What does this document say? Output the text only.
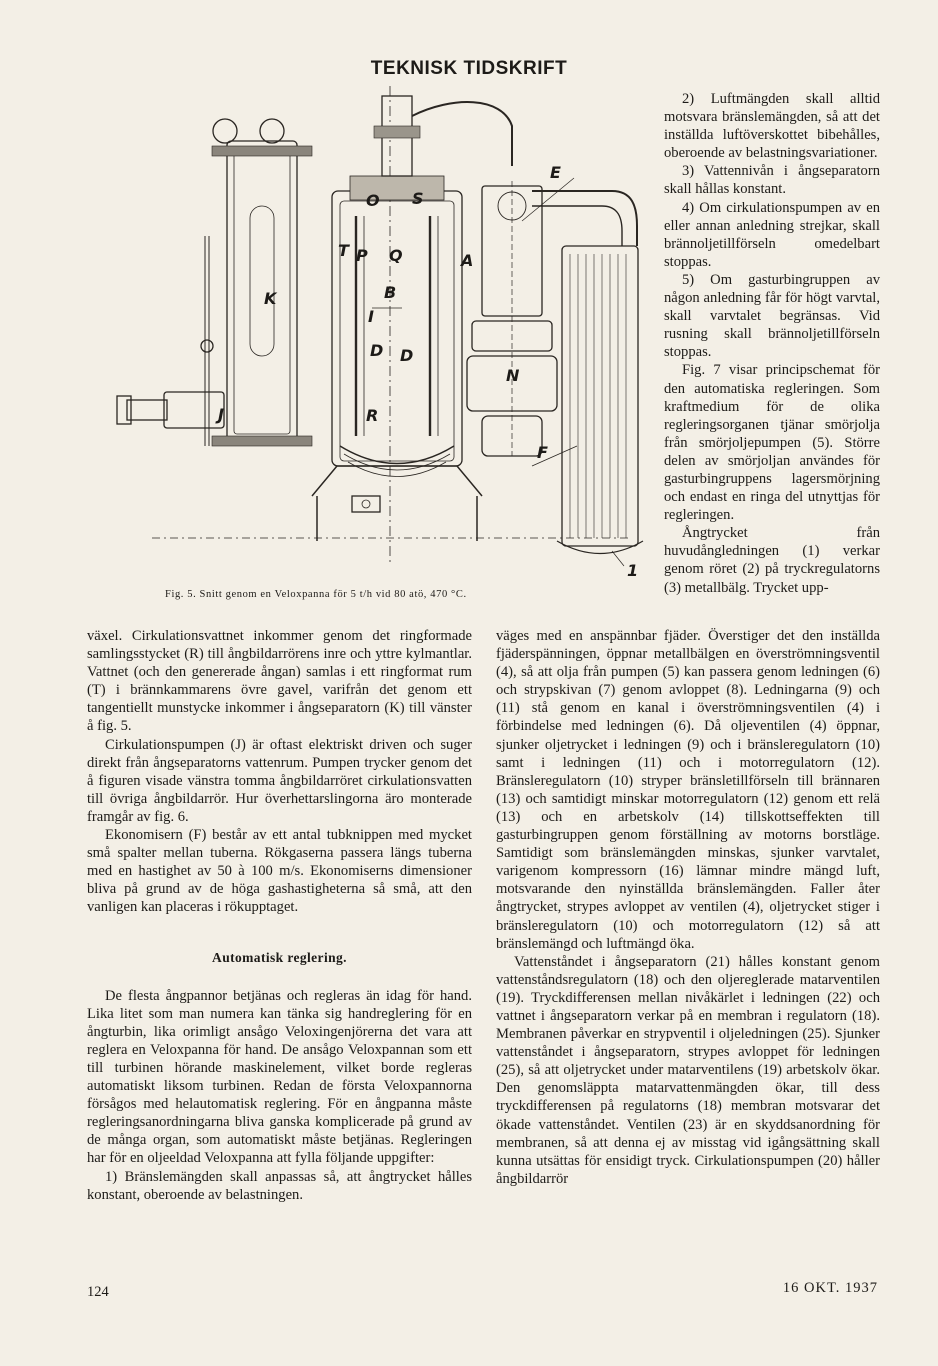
TEKNISK TIDSKRIFT
E
O S
T P Q	A
K	B
I
D D
N
J	R
F
1
Fig. 5. Snitt genom en Veloxpanna för 5 t/h vid 80 atö, 470 °C.

2) Luftmängden skall alltid motsvara bränslemängden, så att det inställda luftöverskottet bibehålles, oberoende av belastningsvariationer.

3) Vattennivån i ångseparatorn skall hållas konstant.

4) Om cirkulationspumpen av en eller annan anledning strejkar, skall brännoljetillförseln omedelbart stoppas.

5) Om gasturbingruppen av någon anledning får för högt varvtal, skall varvtalet begränsas. Vid rusning skall brännoljetillförseln stoppas.

Fig. 7 visar principschemat för den automatiska regleringen. Som kraftmedium för de olika regleringsorganen tjänar smörjolja från smörjoljepumpen (5). Större delen av smörjoljan användes för gasturbingruppens lagersmörjning och endast en ringa del utnyttjas för regleringen.

Ångtrycket från huvudångledningen (1) verkar genom röret (2) på tryckregulatorns (3) metallbälg. Trycket upp-

växel. Cirkulationsvattnet inkommer genom det ringformade samlingsstycket (R) till ångbildarrörens inre och yttre kylmantlar. Vattnet (och den genererade ångan) samlas i ett ringformat rum (T) i brännkammarens övre gavel, varifrån det genom ett tangentiellt munstycke inkommer i ångseparatorn (K) till vänster å fig. 5.

Cirkulationspumpen (J) är oftast elektriskt driven och suger direkt från ångseparatorns vattenrum. Pumpen trycker genom det å figuren visade vänstra tomma ångbildarröret cirkulationsvatten till övriga ångbildarrör. Hur överhettarslingorna äro monterade framgår av fig. 6.

Ekonomisern (F) består av ett antal tubknippen med mycket små spalter mellan tuberna. Rökgaserna passera längs tuberna med en hastighet av 50 à 100 m/s. Ekonomiserns dimensioner bliva på grund av de höga gashastigheterna så små, att den vanligen kan placeras i rökupptaget.

Automatisk reglering.

De flesta ångpannor betjänas och regleras än idag för hand. Lika litet som man numera kan tänka sig handreglering för en ångturbin, lika orimligt ansågo Veloxingenjörerna det vara att reglera en Veloxpanna för hand. De ansågo Veloxpannan som ett till turbinen hörande maskinelement, vilket borde regleras automatiskt liksom turbinen. Redan de första Veloxpannorna försågos med helautomatisk reglering. För en ångpanna måste regleringsanordningarna bliva ganska komplicerade på grund av de många organ, som automatiskt måste betjänas. Regleringen har för en oljeeldad Veloxpanna att fylla följande uppgifter:

1) Bränslemängden skall anpassas så, att ångtrycket hålles konstant, oberoende av belastningen.

väges med en anspännbar fjäder. Överstiger det den inställda fjäderspänningen, öppnar metallbälgen en överströmningsventil (4), så att olja från pumpen (5) kan passera genom ledningen (6) och strypskivan (7) genom avloppet (8). Ledningarna (9) och (11) stå genom en kanal i överströmningsventilen (4) i förbindelse med ledningen (6). Då oljeventilen (4) öppnar, sjunker oljetrycket i ledningen (9) och i bränsleregulatorn (10) samt i ledningen (11) och i motorregulatorn (12). Bränsleregulatorn (10) stryper bränsletillförseln till brännaren (13) och samtidigt minskar motorregulatorn (12) genom ett relä (13) och en arbetskolv (14) tillskottseffekten till gasturbingruppen genom förställning av motorns borstläge. Samtidigt som bränslemängden minskas, sjunker varvtalet, varigenom kompressorn (16) lämnar mindre mängd luft, motsvarande den nyinställda bränslemängden. Faller åter ångtrycket, strypes avloppet av ventilen (4), oljetrycket stiger i bränsleregulatorn (10) och motorregulatorn (12) så att bränslemängd och luftmängd öka.

Vattenståndet i ångseparatorn (21) hålles konstant genom vattenståndsregulatorn (18) och den oljereglerade matarventilen (19). Tryckdifferensen mellan nivåkärlet i ledningen (22) och vattnet i ångseparatorn verkar på en membran i regulatorn (18). Membranen påverkar en strypventil i oljeledningen (25). Sjunker vattenståndet i ångseparatorn, strypes avloppet för ledningen (25), så att oljetrycket under matarventilens (19) arbetskolv ökar. Den genomsläppta matarvattenmängden ökar, till dess tryckdifferensen på regulatorns (18) membran motsvarar det ökade vattenståndet. Ventilen (23) är en skyddsanordning för membranen, så att denna ej av misstag vid igångsättning skall kunna utsättas för ensidigt tryck. Cirkulationspumpen (20) håller ångbildarrör

124	16 OKT. 1937
